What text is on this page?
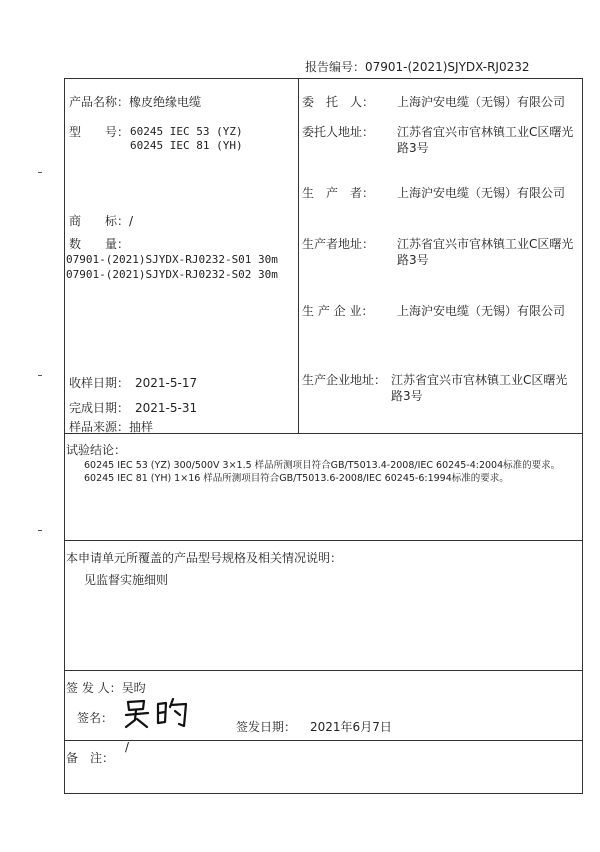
报告编号：07901-(2021)SJYDX-RJ0232
产品名称：橡皮绝缘电缆
型　　号： 60245 IEC 53 (YZ)
60245 IEC 81 (YH)
商　　标：/
数　　量：
07901-(2021)SJYDX-RJ0232-S01 30m
07901-(2021)SJYDX-RJ0232-S02 30m
收样日期： 2021-5-17
完成日期： 2021-5-31
样品来源：抽样
委　托　人： 上海沪安电缆（无锡）有限公司
委托人地址： 江苏省宜兴市官林镇工业C区曙光路3号
生　产　者： 上海沪安电缆（无锡）有限公司
生产者地址： 江苏省宜兴市官林镇工业C区曙光路3号
生 产 企 业： 上海沪安电缆（无锡）有限公司
生产企业地址： 江苏省宜兴市官林镇工业C区曙光路3号
试验结论：
60245 IEC 53 (YZ) 300/500V 3×1.5 样品所测项目符合GB/T5013.4-2008/IEC 60245-4:2004标准的要求。
60245 IEC 81 (YH) 1×16 样品所测项目符合GB/T5013.6-2008/IEC 60245-6:1994标准的要求。
本申请单元所覆盖的产品型号规格及相关情况说明：
见监督实施细则
签 发 人：吴昀
签名：
签发日期： 2021年6月7日
备　注：
/
